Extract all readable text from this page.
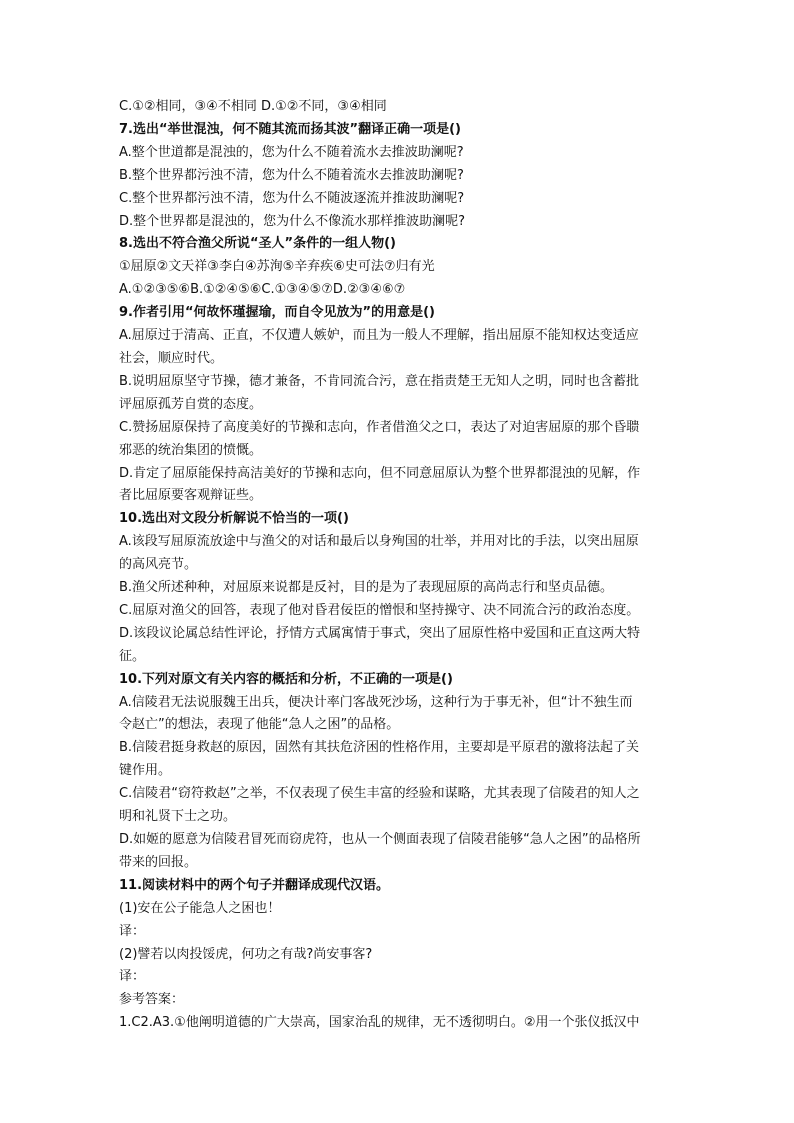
C.①②相同，③④不相同 D.①②不同，③④相同
7.选出“举世混浊，何不随其流而扬其波”翻译正确一项是()
A.整个世道都是混浊的，您为什么不随着流水去推波助澜呢?
B.整个世界都污浊不清，您为什么不随着流水去推波助澜呢?
C.整个世界都污浊不清，您为什么不随波逐流并推波助澜呢?
D.整个世界都是混浊的，您为什么不像流水那样推波助澜呢?
8.选出不符合渔父所说“圣人”条件的一组人物()
①屈原②文天祥③李白④苏洵⑤辛弃疾⑥史可法⑦归有光
A.①②③⑤⑥B.①②④⑤⑥C.①③④⑤⑦D.②③④⑥⑦
9.作者引用“何故怀瑾握瑜，而自令见放为”的用意是()
A.屈原过于清高、正直，不仅遭人嫉妒，而且为一般人不理解，指出屈原不能知权达变适应
社会，顺应时代。
B.说明屈原坚守节操，德才兼备，不肯同流合污，意在指责楚王无知人之明，同时也含蓄批
评屈原孤芳自赏的态度。
C.赞扬屈原保持了高度美好的节操和志向，作者借渔父之口，表达了对迫害屈原的那个昏聩
邪恶的统治集团的愤慨。
D.肯定了屈原能保持高洁美好的节操和志向，但不同意屈原认为整个世界都混浊的见解，作
者比屈原要客观辩证些。
10.选出对文段分析解说不恰当的一项()
A.该段写屈原流放途中与渔父的对话和最后以身殉国的壮举，并用对比的手法，以突出屈原
的高风亮节。
B.渔父所述种种，对屈原来说都是反衬，目的是为了表现屈原的高尚志行和坚贞品德。
C.屈原对渔父的回答，表现了他对昏君佞臣的憎恨和坚持操守、决不同流合污的政治态度。
D.该段议论属总结性评论，抒情方式属寓情于事式，突出了屈原性格中爱国和正直这两大特
征。
10.下列对原文有关内容的概括和分析，不正确的一项是()
A.信陵君无法说服魏王出兵，便决计率门客战死沙场，这种行为于事无补，但“计不独生而
令赵亡”的想法，表现了他能“急人之困”的品格。
B.信陵君挺身救赵的原因，固然有其扶危济困的性格作用，主要却是平原君的激将法起了关
键作用。
C.信陵君“窃符救赵”之举，不仅表现了侯生丰富的经验和谋略，尤其表现了信陵君的知人之
明和礼贤下士之功。
D.如姬的愿意为信陵君冒死而窃虎符，也从一个侧面表现了信陵君能够“急人之困”的品格所
带来的回报。
11.阅读材料中的两个句子并翻译成现代汉语。
(1)安在公子能急人之困也！
译：
(2)譬若以肉投馁虎，何功之有哉?尚安事客?
译：
参考答案：
1.C2.A3.①他阐明道德的广大崇高，国家治乱的规律，无不透彻明白。②用一个张仪抵汉中
